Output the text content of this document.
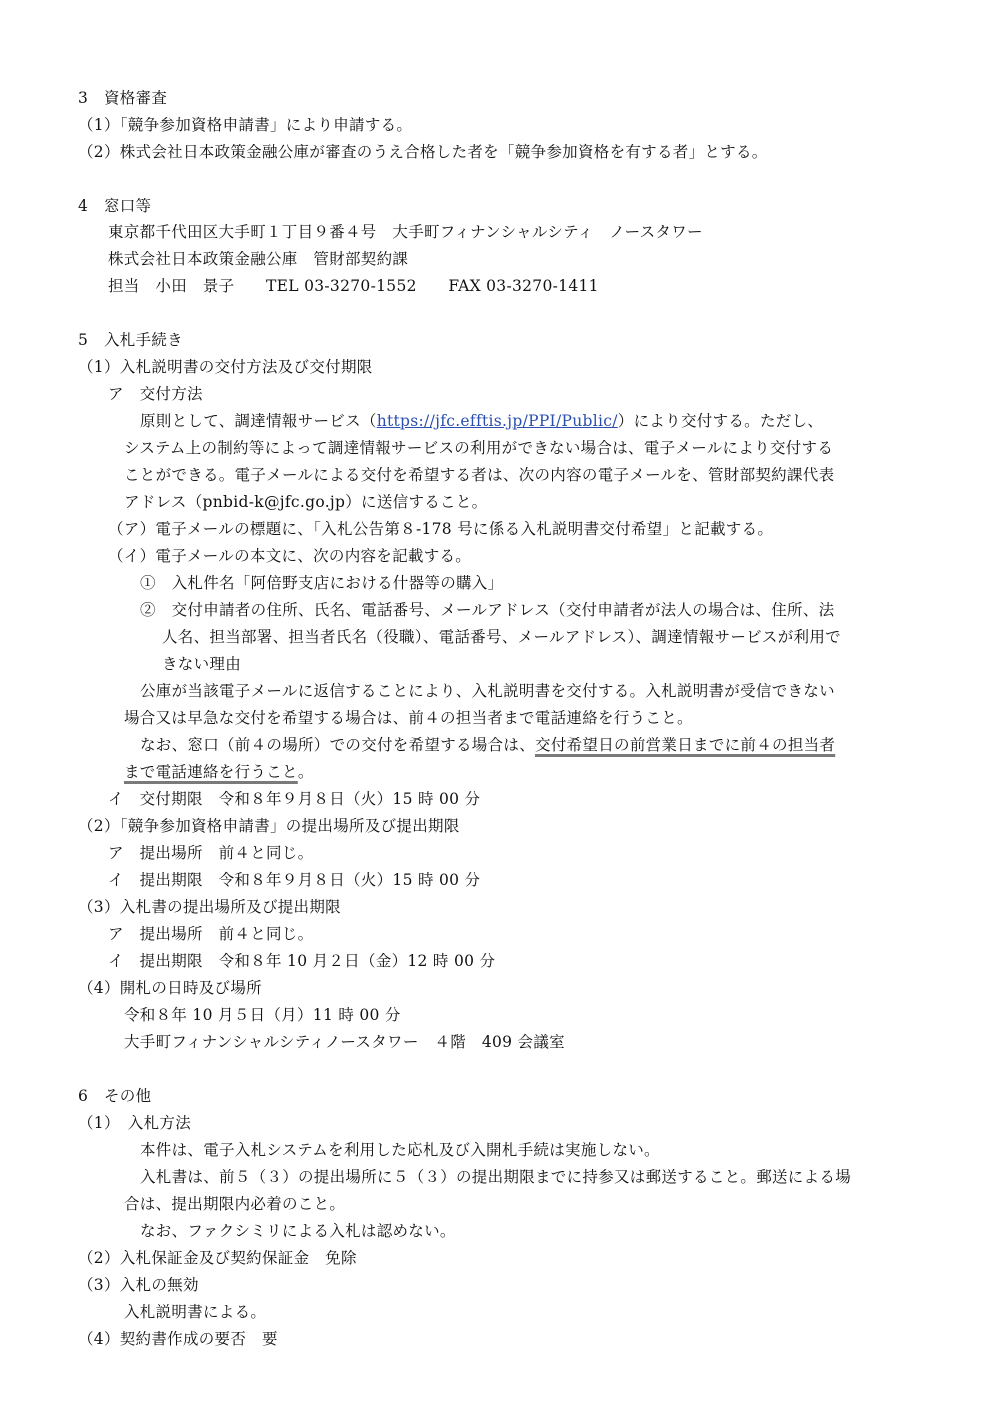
3　資格審査
（1）「競争参加資格申請書」により申請する。
（2）株式会社日本政策金融公庫が審査のうえ合格した者を「競争参加資格を有する者」とする。
4　窓口等
東京都千代田区大手町１丁目９番４号　大手町フィナンシャルシティ　ノースタワー
株式会社日本政策金融公庫　管財部契約課
担当　小田　景子　　TEL 03-3270-1552　　FAX 03-3270-1411
5　入札手続き
（1）入札説明書の交付方法及び交付期限
ア　交付方法
原則として、調達情報サービス（https://jfc.efftis.jp/PPI/Public/）により交付する。ただし、
システム上の制約等によって調達情報サービスの利用ができない場合は、電子メールにより交付する
ことができる。電子メールによる交付を希望する者は、次の内容の電子メールを、管財部契約課代表
アドレス（pnbid-k@jfc.go.jp）に送信すること。
（ア）電子メールの標題に、「入札公告第８-178 号に係る入札説明書交付希望」と記載する。
（イ）電子メールの本文に、次の内容を記載する。
①　入札件名「阿倍野支店における什器等の購入」
②　交付申請者の住所、氏名、電話番号、メールアドレス（交付申請者が法人の場合は、住所、法
人名、担当部署、担当者氏名（役職）、電話番号、メールアドレス）、調達情報サービスが利用で
きない理由
公庫が当該電子メールに返信することにより、入札説明書を交付する。入札説明書が受信できない
場合又は早急な交付を希望する場合は、前４の担当者まで電話連絡を行うこと。
なお、窓口（前４の場所）での交付を希望する場合は、交付希望日の前営業日までに前４の担当者
まで電話連絡を行うこと。
イ　交付期限　令和８年９月８日（火）15 時 00 分
（2）「競争参加資格申請書」の提出場所及び提出期限
ア　提出場所　前４と同じ。
イ　提出期限　令和８年９月８日（火）15 時 00 分
（3）入札書の提出場所及び提出期限
ア　提出場所　前４と同じ。
イ　提出期限　令和８年 10 月２日（金）12 時 00 分
（4）開札の日時及び場所
令和８年 10 月５日（月）11 時 00 分
大手町フィナンシャルシティノースタワー　４階　409 会議室
6　その他
（1）　入札方法
本件は、電子入札システムを利用した応札及び入開札手続は実施しない。
入札書は、前５（３）の提出場所に５（３）の提出期限までに持参又は郵送すること。郵送による場
合は、提出期限内必着のこと。
なお、ファクシミリによる入札は認めない。
（2）入札保証金及び契約保証金　免除
（3）入札の無効
入札説明書による。
（4）契約書作成の要否　要
